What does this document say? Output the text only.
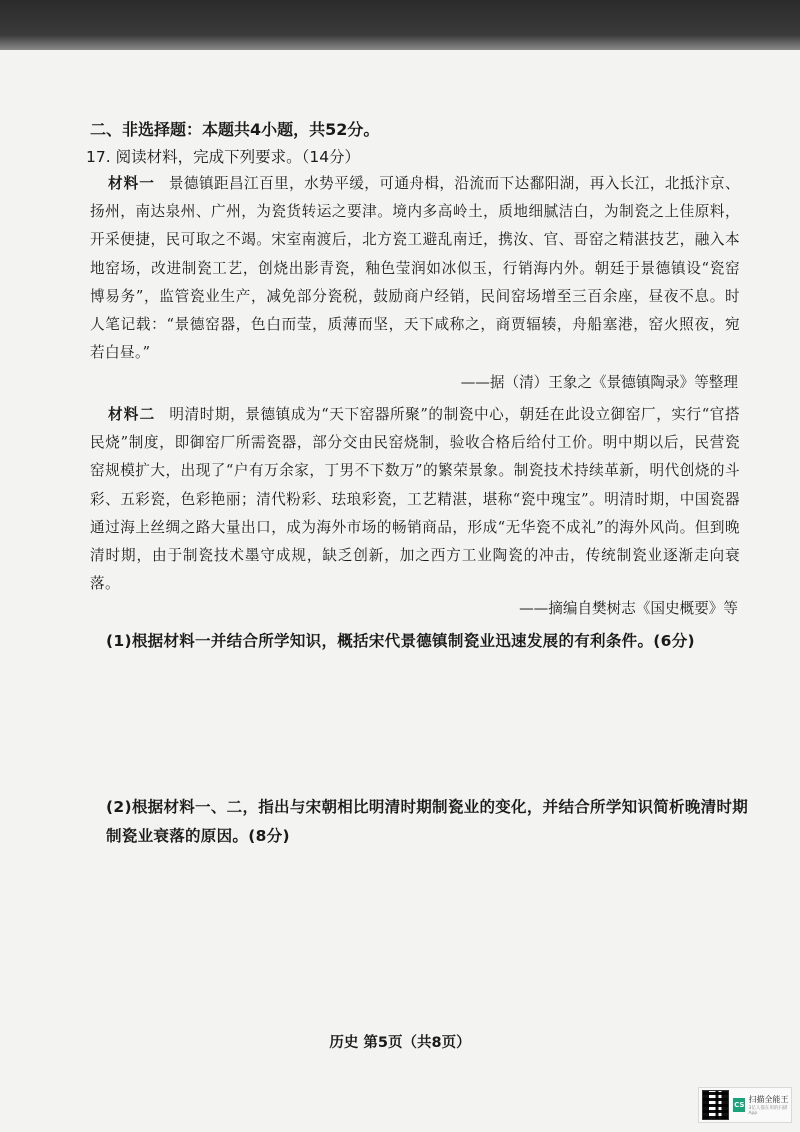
二、非选择题：本题共4小题，共52分。
17. 阅读材料，完成下列要求。（14分）
材料一 景德镇距昌江百里，水势平缓，可通舟楫，沿流而下达鄱阳湖，再入长江，北抵汴京、扬州，南达泉州、广州，为瓷货转运之要津。境内多高岭土，质地细腻洁白，为制瓷之上佳原料，开采便捷，民可取之不竭。宋室南渡后，北方瓷工避乱南迁，携汝、官、哥窑之精湛技艺，融入本地窑场，改进制瓷工艺，创烧出影青瓷，釉色莹润如冰似玉，行销海内外。朝廷于景德镇设“瓷窑博易务”，监管瓷业生产，减免部分瓷税，鼓励商户经销，民间窑场增至三百余座，昼夜不息。时人笔记载：“景德窑器，色白而莹，质薄而坚，天下咸称之，商贾辐辏，舟船塞港，窑火照夜，宛若白昼。”
——据（清）王象之《景德镇陶录》等整理
材料二 明清时期，景德镇成为“天下窑器所聚”的制瓷中心，朝廷在此设立御窑厂，实行“官搭民烧”制度，即御窑厂所需瓷器，部分交由民窑烧制，验收合格后给付工价。明中期以后，民营瓷窑规模扩大，出现了“户有万余家，丁男不下数万”的繁荣景象。制瓷技术持续革新，明代创烧的斗彩、五彩瓷，色彩艳丽；清代粉彩、珐琅彩瓷，工艺精湛，堪称“瓷中瑰宝”。明清时期，中国瓷器通过海上丝绸之路大量出口，成为海外市场的畅销商品，形成“无华瓷不成礼”的海外风尚。但到晚清时期，由于制瓷技术墨守成规，缺乏创新，加之西方工业陶瓷的冲击，传统制瓷业逐渐走向衰落。
——摘编自樊树志《国史概要》等
(1)根据材料一并结合所学知识，概括宋代景德镇制瓷业迅速发展的有利条件。(6分)
(2)根据材料一、二，指出与宋朝相比明清时期制瓷业的变化，并结合所学知识简析晚清时期制瓷业衰落的原因。(8分)
历史 第5页（共8页）
CS
扫描全能王
3亿人都在用的扫描App
